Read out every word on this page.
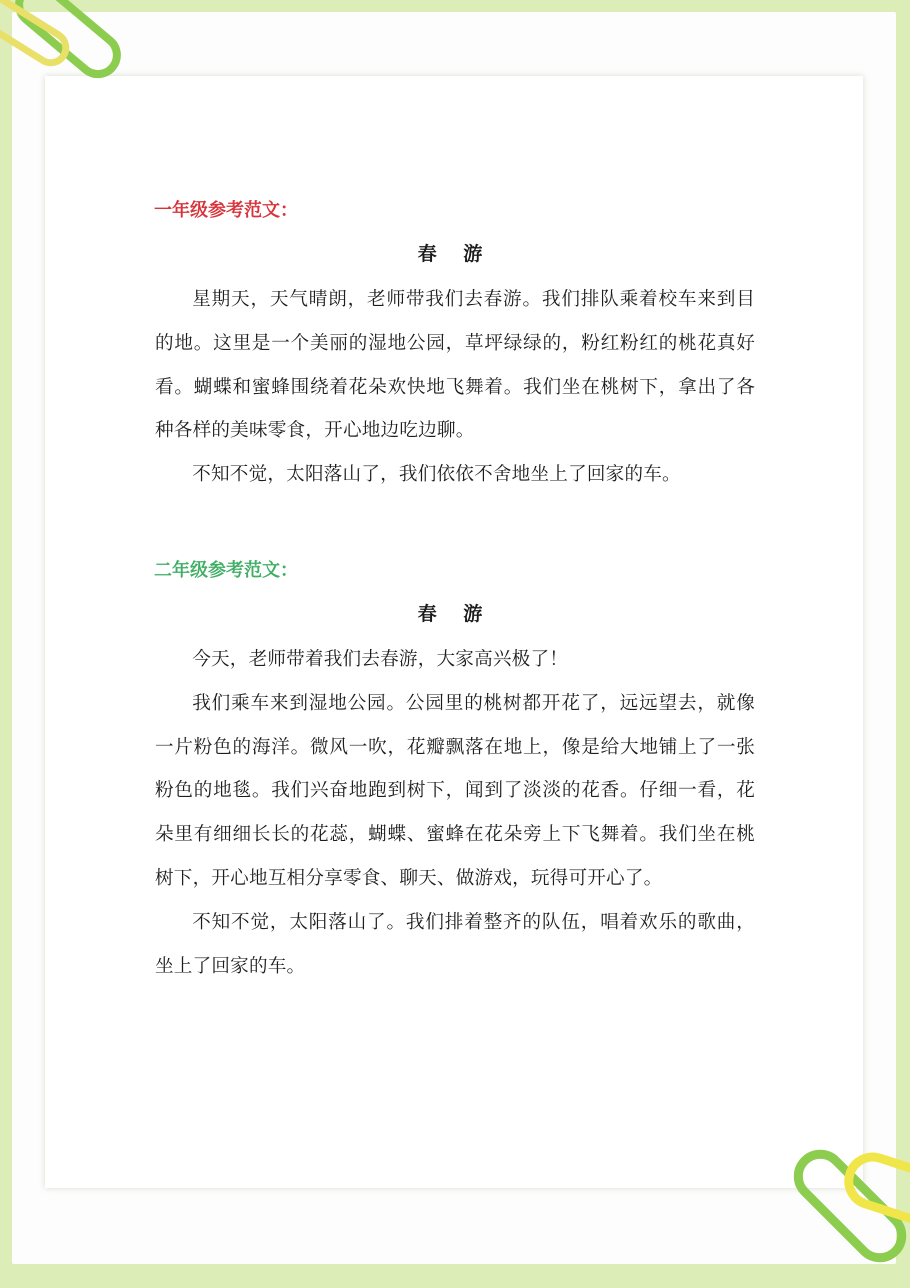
一年级参考范文：
春 游

星期天，天气晴朗，老师带我们去春游。我们排队乘着校车来到目的地。这里是一个美丽的湿地公园，草坪绿绿的，粉红粉红的桃花真好看。蝴蝶和蜜蜂围绕着花朵欢快地飞舞着。我们坐在桃树下，拿出了各种各样的美味零食，开心地边吃边聊。

不知不觉，太阳落山了，我们依依不舍地坐上了回家的车。

二年级参考范文：
春 游

今天，老师带着我们去春游，大家高兴极了！

我们乘车来到湿地公园。公园里的桃树都开花了，远远望去，就像一片粉色的海洋。微风一吹，花瓣飘落在地上，像是给大地铺上了一张粉色的地毯。我们兴奋地跑到树下，闻到了淡淡的花香。仔细一看，花朵里有细细长长的花蕊，蝴蝶、蜜蜂在花朵旁上下飞舞着。我们坐在桃树下，开心地互相分享零食、聊天、做游戏，玩得可开心了。

不知不觉，太阳落山了。我们排着整齐的队伍，唱着欢乐的歌曲，坐上了回家的车。
